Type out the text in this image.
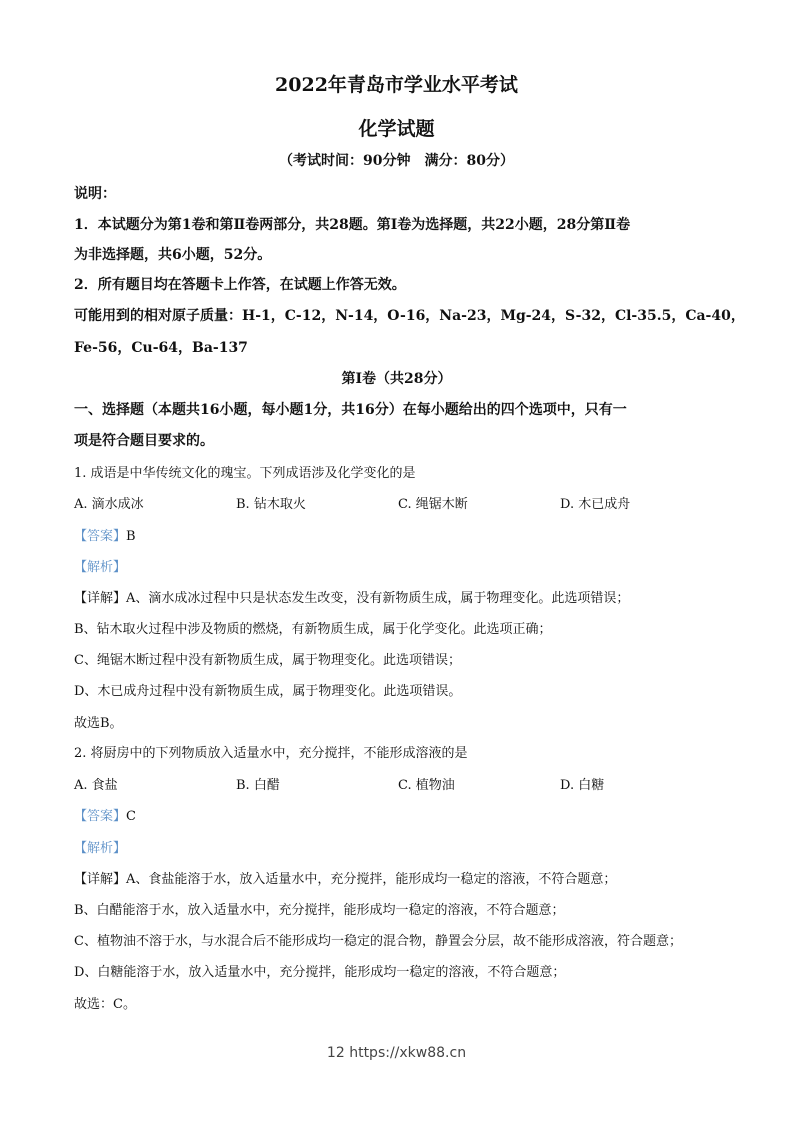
2022年青岛市学业水平考试
化学试题
（考试时间：90分钟　满分：80分）
说明：
1．本试题分为第1卷和第Ⅱ卷两部分，共28题。第Ⅰ卷为选择题，共22小题，28分第Ⅱ卷
为非选择题，共6小题，52分。
2．所有题目均在答题卡上作答，在试题上作答无效。
可能用到的相对原子质量：H-1，C-12，N-14，O-16，Na-23，Mg-24，S-32，Cl-35.5，Ca-40，
Fe-56，Cu-64，Ba-137
第Ⅰ卷（共28分）
一、选择题（本题共16小题，每小题1分，共16分）在每小题给出的四个选项中，只有一
项是符合题目要求的。
1. 成语是中华传统文化的瑰宝。下列成语涉及化学变化的是
A. 滴水成冰	B. 钻木取火	C. 绳锯木断	D. 木已成舟
【答案】B
【解析】
【详解】A、滴水成冰过程中只是状态发生改变，没有新物质生成，属于物理变化。此选项错误；
B、钻木取火过程中涉及物质的燃烧，有新物质生成，属于化学变化。此选项正确；
C、绳锯木断过程中没有新物质生成，属于物理变化。此选项错误；
D、木已成舟过程中没有新物质生成，属于物理变化。此选项错误。
故选B。
2. 将厨房中的下列物质放入适量水中，充分搅拌，不能形成溶液的是
A. 食盐	B. 白醋	C. 植物油	D. 白糖
【答案】C
【解析】
【详解】A、食盐能溶于水，放入适量水中，充分搅拌，能形成均一稳定的溶液，不符合题意；
B、白醋能溶于水，放入适量水中，充分搅拌，能形成均一稳定的溶液，不符合题意；
C、植物油不溶于水，与水混合后不能形成均一稳定的混合物，静置会分层，故不能形成溶液，符合题意；
D、白糖能溶于水，放入适量水中，充分搅拌，能形成均一稳定的溶液，不符合题意；
故选：C。
12 https://xkw88.cn
